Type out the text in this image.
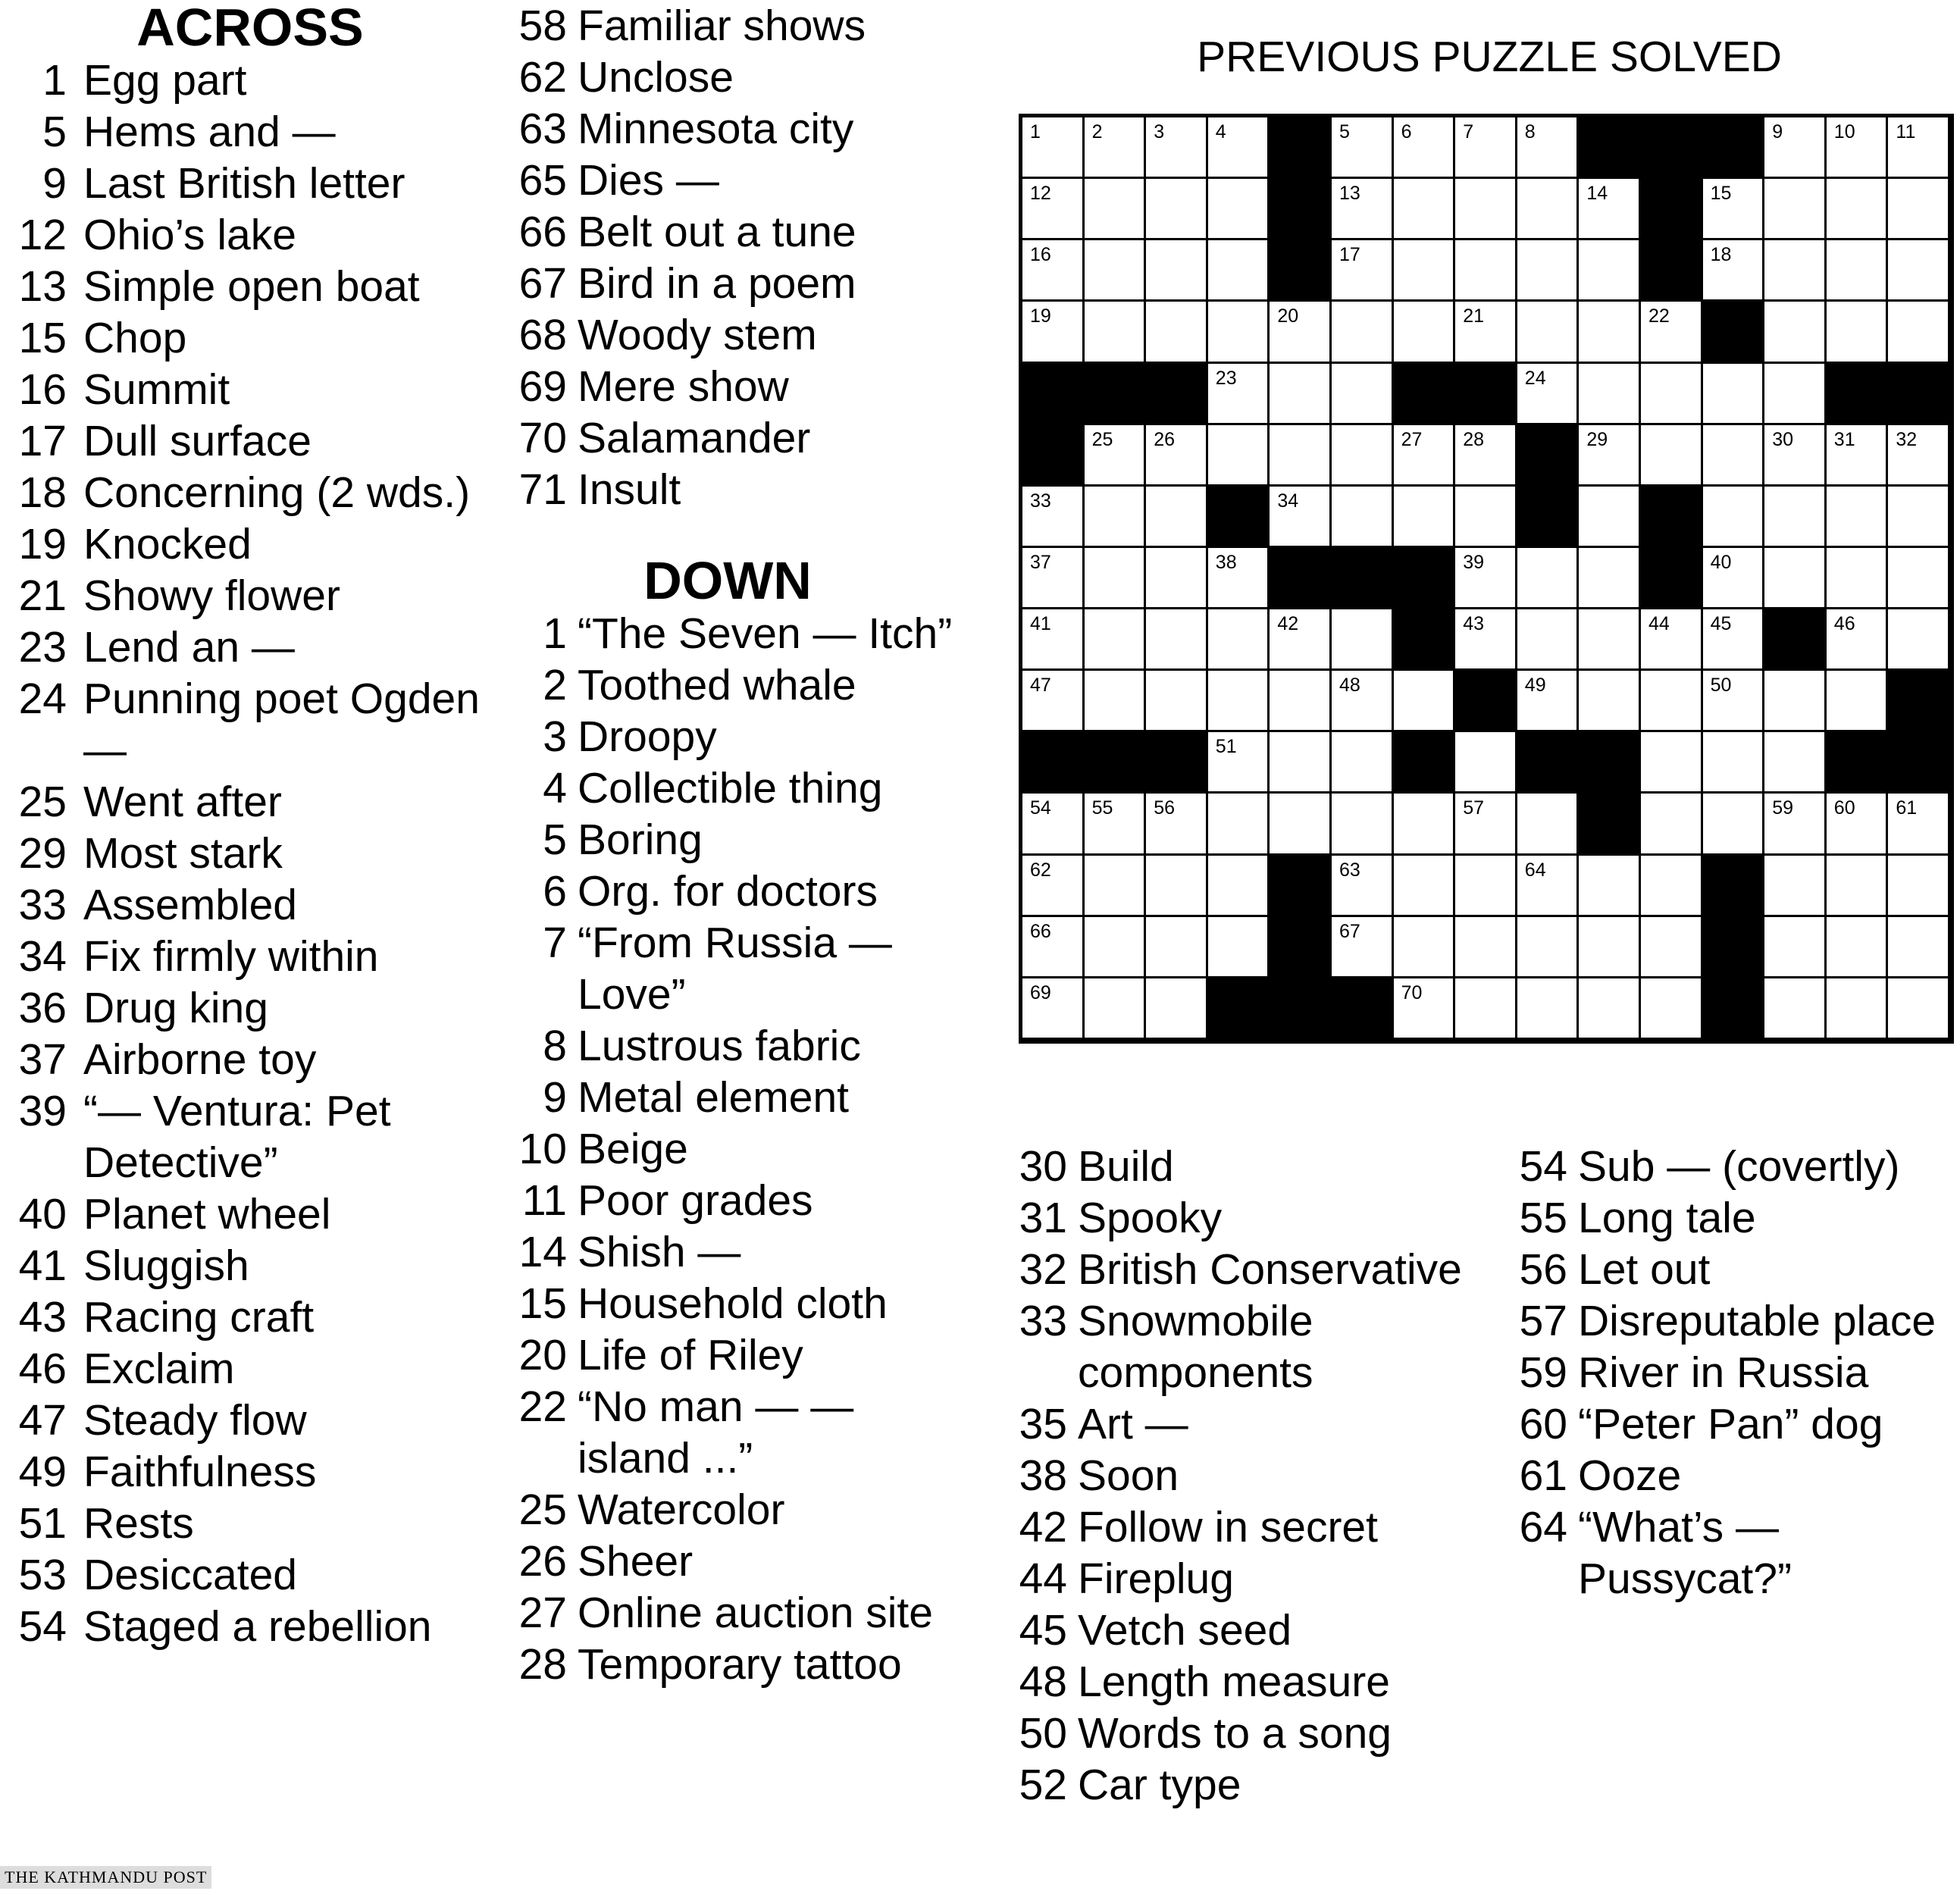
ACROSS
1 Egg part
5 Hems and —
9 Last British letter
12 Ohio’s lake
13 Simple open boat
15 Chop
16 Summit
17 Dull surface
18 Concerning (2 wds.)
19 Knocked
21 Showy flower
23 Lend an —
24 Punning poet Ogden —
25 Went after
29 Most stark
33 Assembled
34 Fix firmly within
36 Drug king
37 Airborne toy
39 “— Ventura: Pet Detective”
40 Planet wheel
41 Sluggish
43 Racing craft
46 Exclaim
47 Steady flow
49 Faithfulness
51 Rests
53 Desiccated
54 Staged a rebellion
58 Familiar shows
62 Unclose
63 Minnesota city
65 Dies —
66 Belt out a tune
67 Bird in a poem
68 Woody stem
69 Mere show
70 Salamander
71 Insult
DOWN
1 “The Seven — Itch”
2 Toothed whale
3 Droopy
4 Collectible thing
5 Boring
6 Org. for doctors
7 “From Russia — Love”
8 Lustrous fabric
9 Metal element
10 Beige
11 Poor grades
14 Shish —
15 Household cloth
20 Life of Riley
22 “No man — — island ...”
25 Watercolor
26 Sheer
27 Online auction site
28 Temporary tattoo
30 Build
31 Spooky
32 British Conservative
33 Snowmobile components
35 Art —
38 Soon
42 Follow in secret
44 Fireplug
45 Vetch seed
48 Length measure
50 Words to a song
52 Car type
54 Sub — (covertly)
55 Long tale
56 Let out
57 Disreputable place
59 River in Russia
60 “Peter Pan” dog
61 Ooze
64 “What’s — Pussycat?”
PREVIOUS PUZZLE SOLVED
1	2	3	4	5	6	7	8	9	10 11
12	13	14	15
16	17	18
19	20	21	22
23	24
25 26	27 28	29	30 31 32
33	34	35	36
37	38	39	40
41	42	43	44 45	46
47	48	49	50
51	52	53
54 55 56	57	58	59 60 61
62	63	64	65
66	67	68
69	70	71
THE KATHMANDU POST
